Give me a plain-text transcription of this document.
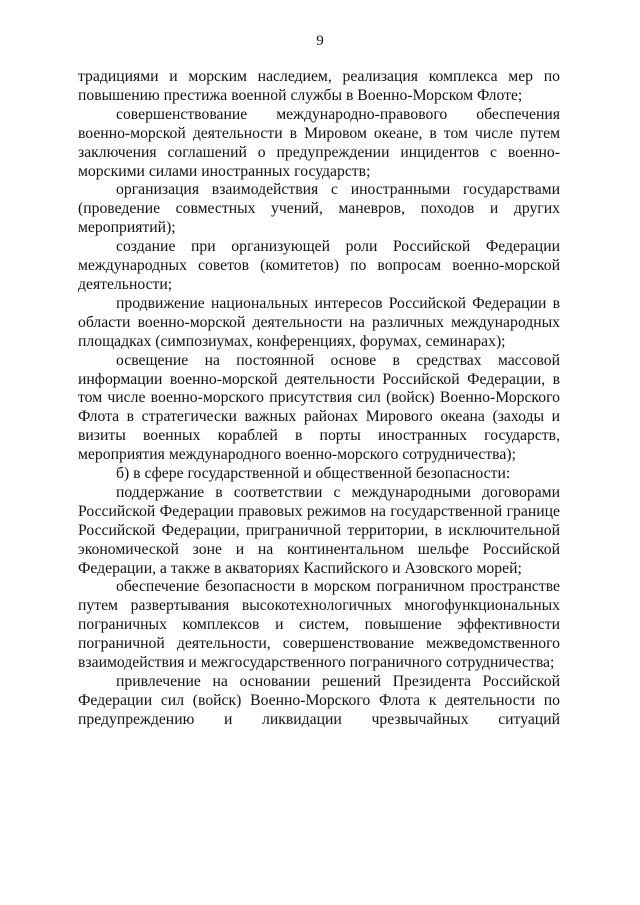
9

традициями и морским наследием, реализация комплекса мер по повышению престижа военной службы в Военно-Морском Флоте;

совершенствование международно-правового обеспечения военно-морской деятельности в Мировом океане, в том числе путем заключения соглашений о предупреждении инцидентов с военно-морскими силами иностранных государств;

организация взаимодействия с иностранными государствами (проведение совместных учений, маневров, походов и других мероприятий);

создание при организующей роли Российской Федерации международных советов (комитетов) по вопросам военно-морской деятельности;

продвижение национальных интересов Российской Федерации в области военно-морской деятельности на различных международных площадках (симпозиумах, конференциях, форумах, семинарах);

освещение на постоянной основе в средствах массовой информации военно-морской деятельности Российской Федерации, в том числе военно-морского присутствия сил (войск) Военно-Морского Флота в стратегически важных районах Мирового океана (заходы и визиты военных кораблей в порты иностранных государств, мероприятия международного военно-морского сотрудничества);

б) в сфере государственной и общественной безопасности:

поддержание в соответствии с международными договорами Российской Федерации правовых режимов на государственной границе Российской Федерации, приграничной территории, в исключительной экономической зоне и на континентальном шельфе Российской Федерации, а также в акваториях Каспийского и Азовского морей;

обеспечение безопасности в морском пограничном пространстве путем развертывания высокотехнологичных многофункциональных пограничных комплексов и систем, повышение эффективности пограничной деятельности, совершенствование межведомственного взаимодействия и межгосударственного пограничного сотрудничества;

привлечение на основании решений Президента Российской Федерации сил (войск) Военно-Морского Флота к деятельности по предупреждению и ликвидации чрезвычайных ситуаций
